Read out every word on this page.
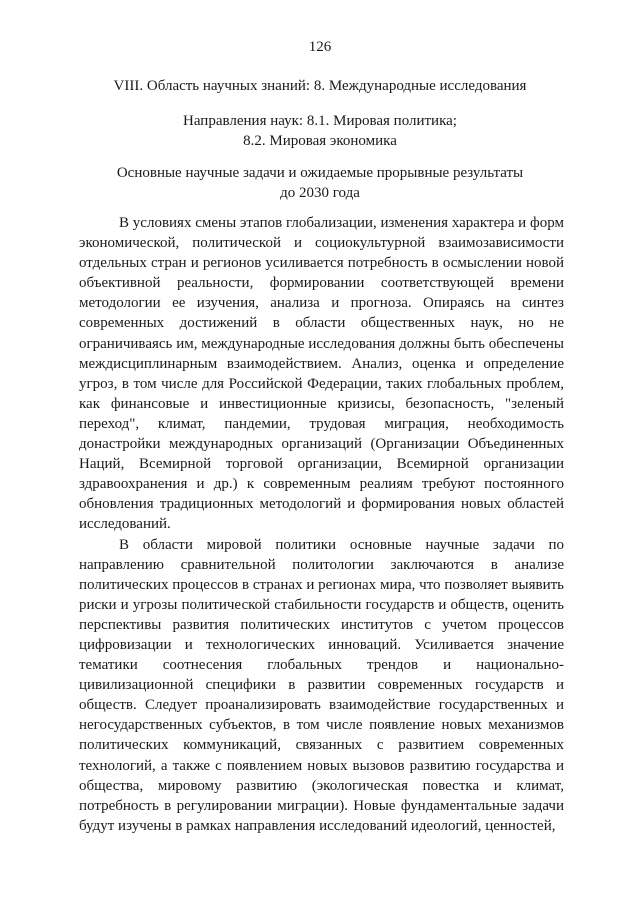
126
VIII. Область научных знаний: 8. Международные исследования
Направления наук: 8.1. Мировая политика;
8.2. Мировая экономика
Основные научные задачи и ожидаемые прорывные результаты
до 2030 года

В условиях смены этапов глобализации, изменения характера и форм экономической, политической и социокультурной взаимозависимости отдельных стран и регионов усиливается потребность в осмыслении новой объективной реальности, формировании соответствующей времени методологии ее изучения, анализа и прогноза. Опираясь на синтез современных достижений в области общественных наук, но не ограничиваясь им, международные исследования должны быть обеспечены междисциплинарным взаимодействием. Анализ, оценка и определение угроз, в том числе для Российской Федерации, таких глобальных проблем, как финансовые и инвестиционные кризисы, безопасность, "зеленый переход", климат, пандемии, трудовая миграция, необходимость донастройки международных организаций (Организации Объединенных Наций, Всемирной торговой организации, Всемирной организации здравоохранения и др.) к современным реалиям требуют постоянного обновления традиционных методологий и формирования новых областей исследований.

В области мировой политики основные научные задачи по направлению сравнительной политологии заключаются в анализе политических процессов в странах и регионах мира, что позволяет выявить риски и угрозы политической стабильности государств и обществ, оценить перспективы развития политических институтов с учетом процессов цифровизации и технологических инноваций. Усиливается значение тематики соотнесения глобальных трендов и национально-цивилизационной специфики в развитии современных государств и обществ. Следует проанализировать взаимодействие государственных и негосударственных субъектов, в том числе появление новых механизмов политических коммуникаций, связанных с развитием современных технологий, а также с появлением новых вызовов развитию государства и общества, мировому развитию (экологическая повестка и климат, потребность в регулировании миграции). Новые фундаментальные задачи будут изучены в рамках направления исследований идеологий, ценностей,
